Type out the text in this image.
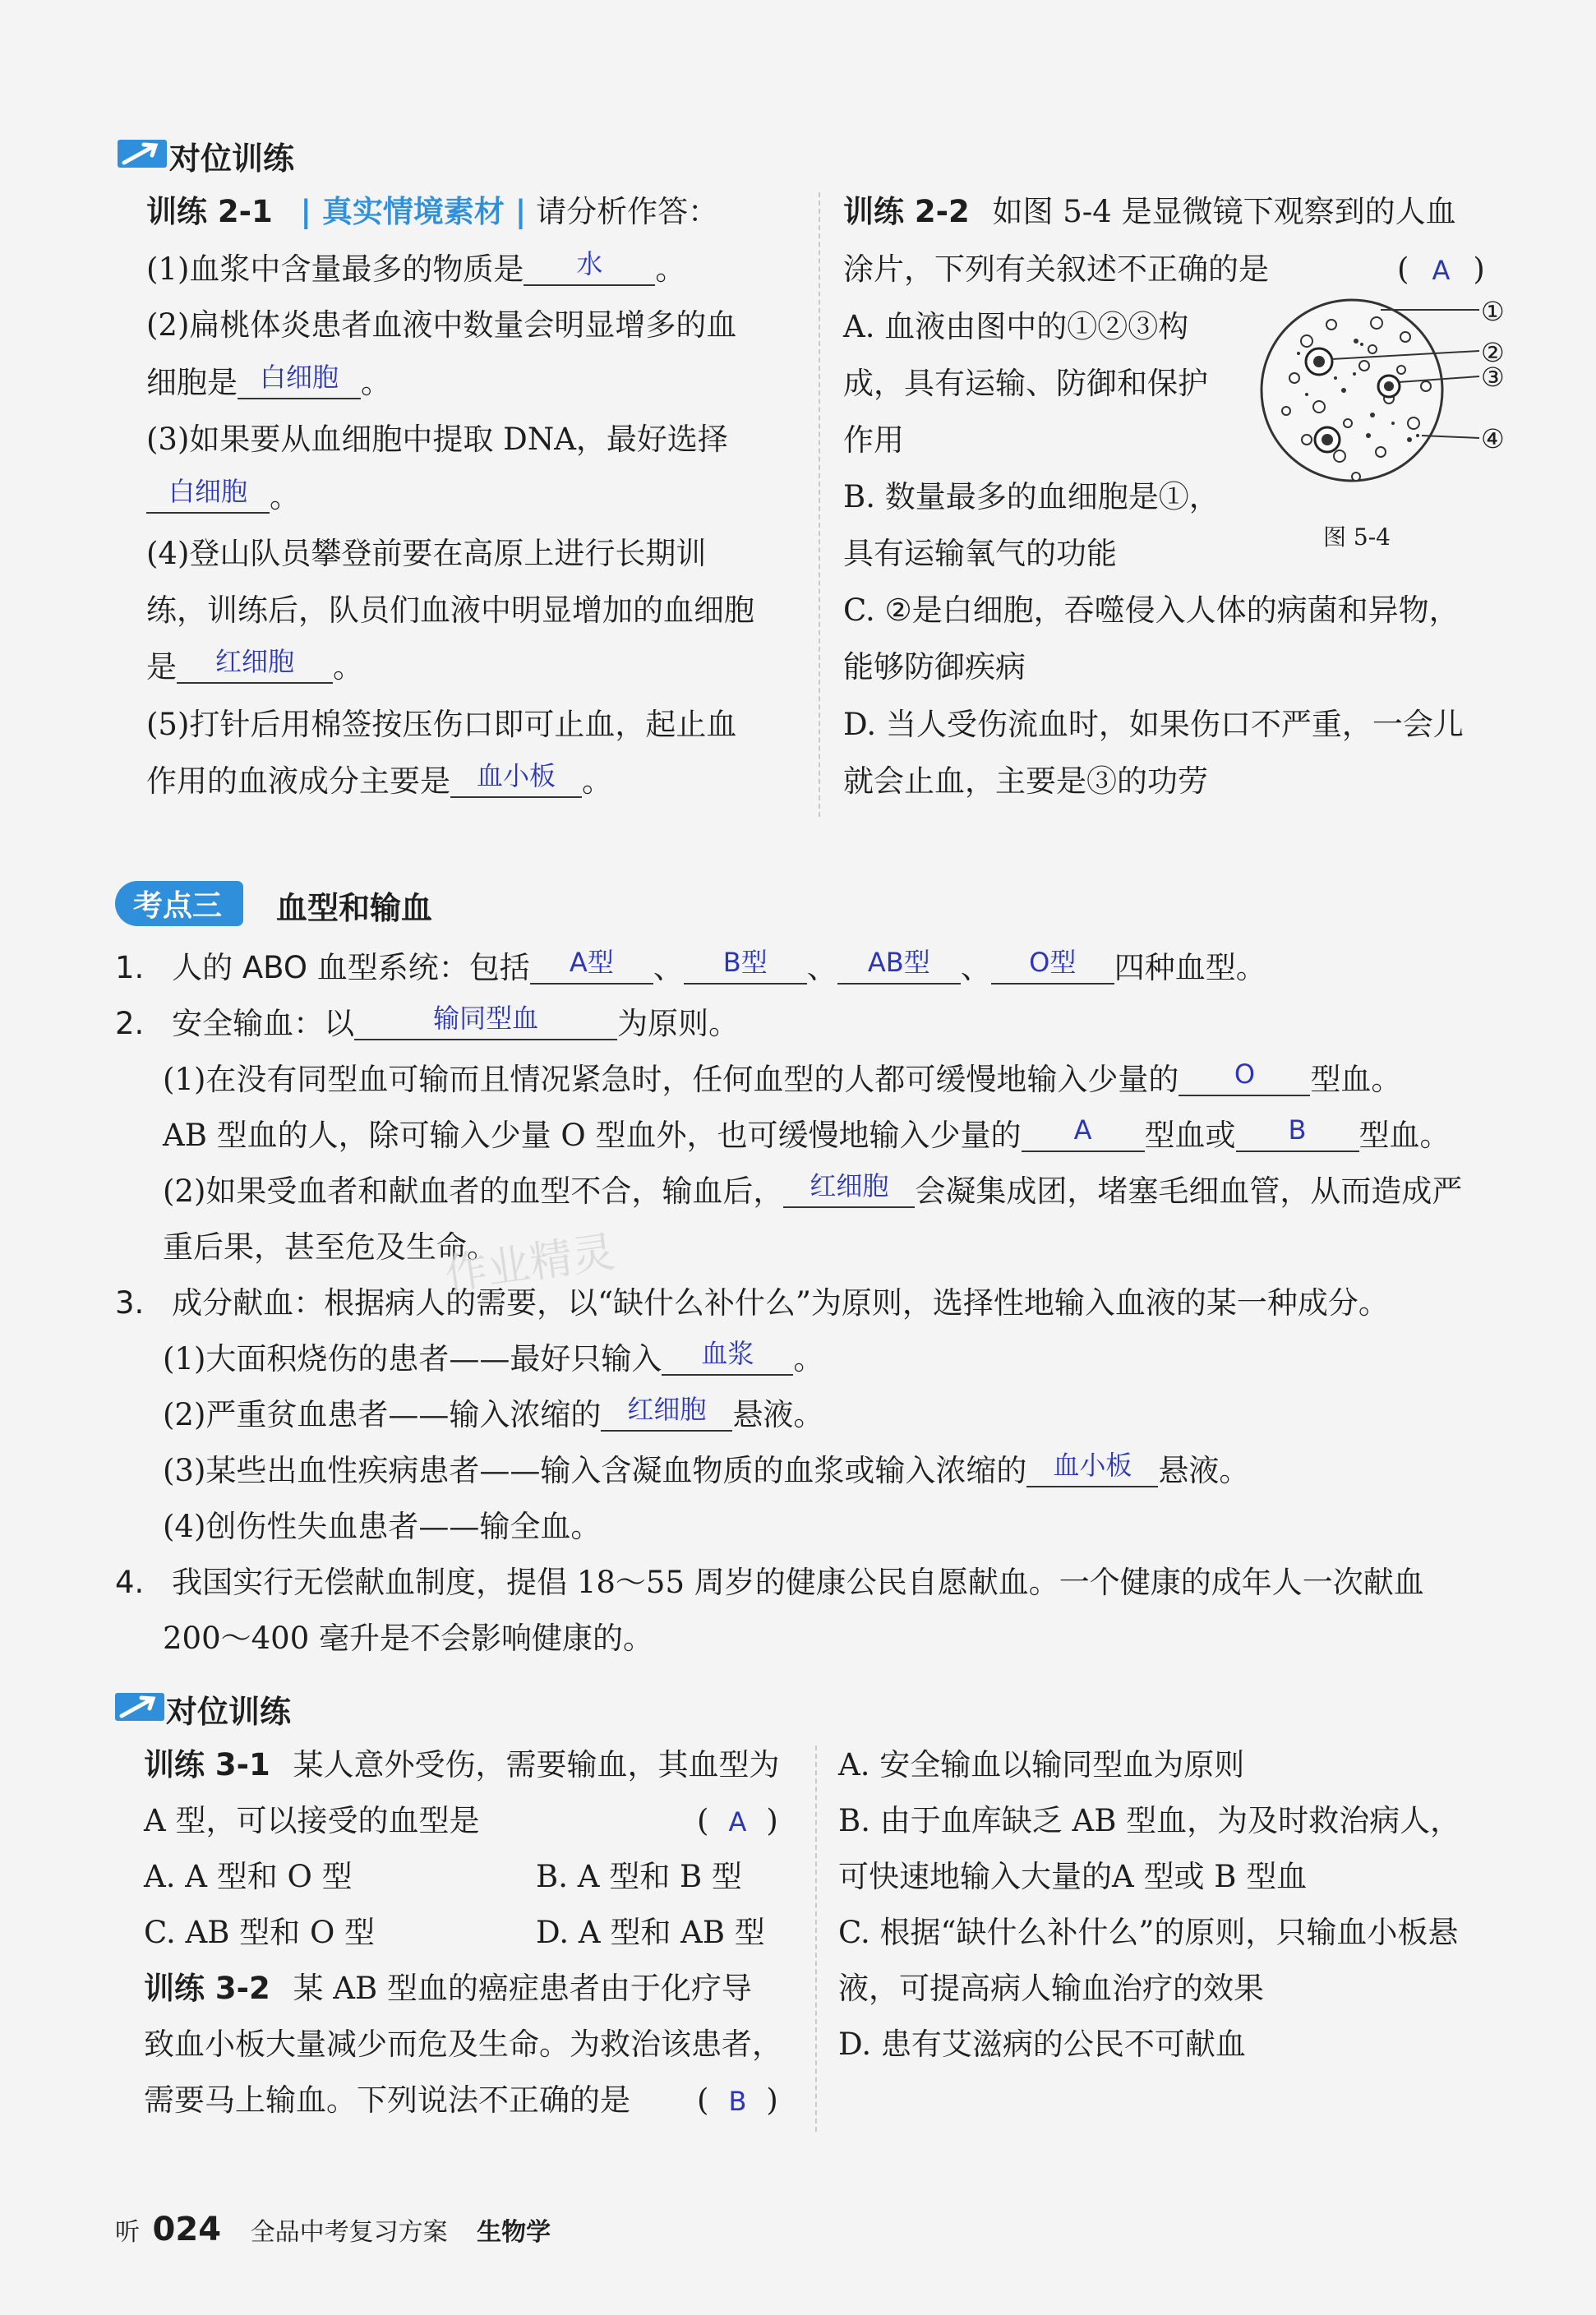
对位训练
训练 2-1 | 真实情境素材 | 请分析作答：
(1)血浆中含量最多的物质是 水 。
(2)扁桃体炎患者血液中数量会明显增多的血
细胞是 白细胞 。
(3)如果要从血细胞中提取 DNA，最好选择
白细胞 。
(4)登山队员攀登前要在高原上进行长期训
练，训练后，队员们血液中明显增加的血细胞
是 红细胞 。
(5)打针后用棉签按压伤口即可止血，起止血
作用的血液成分主要是 血小板 。
训练 2-2 如图 5-4 是显微镜下观察到的人血
涂片，下列有关叙述不正确的是	( A )
A. 血液由图中的①②③构
成，具有运输、防御和保护
作用
B. 数量最多的血细胞是①，
具有运输氧气的功能
C. ②是白细胞，吞噬侵入人体的病菌和异物，
能够防御疾病
D. 当人受伤流血时，如果伤口不严重，一会儿
就会止血，主要是③的功劳
①
②
③
④
图 5-4
考点三	血型和输血
1. 人的 ABO 血型系统：包括 A型 、 B型 、 AB型 、 O型 四种血型。
2. 安全输血：以	输同型血	为原则。
(1)在没有同型血可输而且情况紧急时，任何血型的人都可缓慢地输入少量的 O 型血。
AB 型血的人，除可输入少量 O 型血外，也可缓慢地输入少量的 A 型血或 B 型血。
(2)如果受血者和献血者的血型不合，输血后， 红细胞 会凝集成团，堵塞毛细血管，从而造成严
重后果，甚至危及生命。
作业精灵
3. 成分献血：根据病人的需要，以“缺什么补什么”为原则，选择性地输入血液的某一种成分。
(1)大面积烧伤的患者——最好只输入 血浆 。
(2)严重贫血患者——输入浓缩的 红细胞 悬液。
(3)某些出血性疾病患者——输入含凝血物质的血浆或输入浓缩的 血小板 悬液。
(4)创伤性失血患者——输全血。
4. 我国实行无偿献血制度，提倡 18～55 周岁的健康公民自愿献血。一个健康的成年人一次献血
200～400 毫升是不会影响健康的。
对位训练
训练 3-1 某人意外受伤，需要输血，其血型为
A 型，可以接受的血型是	( A )
A. A 型和 O 型	B. A 型和 B 型
C. AB 型和 O 型	D. A 型和 AB 型
训练 3-2 某 AB 型血的癌症患者由于化疗导
致血小板大量减少而危及生命。为救治该患者，
需要马上输血。下列说法不正确的是 ( B )
A. 安全输血以输同型血为原则
B. 由于血库缺乏 AB 型血，为及时救治病人，
可快速地输入大量的A 型或 B 型血
C. 根据“缺什么补什么”的原则，只输血小板悬
液，可提高病人输血治疗的效果
D. 患有艾滋病的公民不可献血
听 024 全品中考复习方案 生物学
